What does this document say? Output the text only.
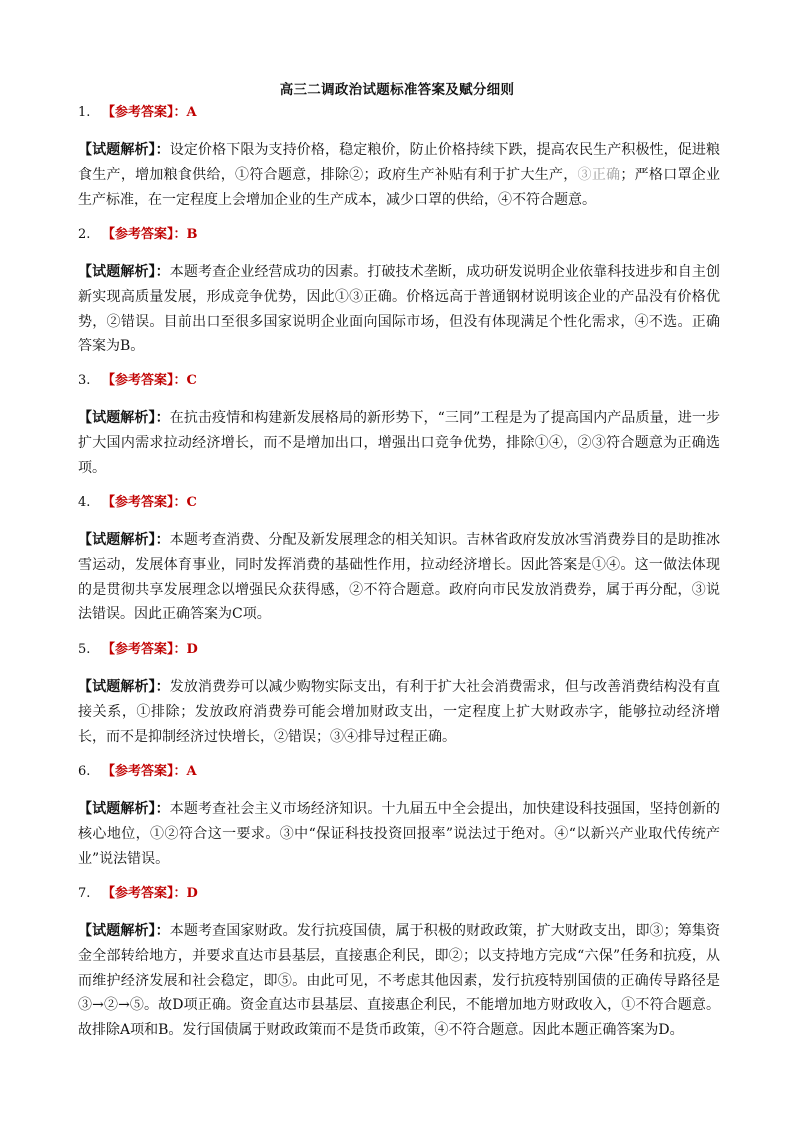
高三二调政治试题标准答案及赋分细则
1. 【参考答案】：A
【试题解析】：设定价格下限为支持价格，稳定粮价，防止价格持续下跌，提高农民生产积极性，促进粮食生产，增加粮食供给，①符合题意，排除②；政府生产补贴有利于扩大生产，③正确；严格口罩企业生产标准，在一定程度上会增加企业的生产成本，减少口罩的供给，④不符合题意。
2. 【参考答案】：B
【试题解析】：本题考查企业经营成功的因素。打破技术垄断，成功研发说明企业依靠科技进步和自主创新实现高质量发展，形成竞争优势，因此①③正确。价格远高于普通钢材说明该企业的产品没有价格优势，②错误。目前出口至很多国家说明企业面向国际市场，但没有体现满足个性化需求，④不选。正确答案为B。
3. 【参考答案】：C
【试题解析】：在抗击疫情和构建新发展格局的新形势下，“三同”工程是为了提高国内产品质量，进一步扩大国内需求拉动经济增长，而不是增加出口，增强出口竞争优势，排除①④，②③符合题意为正确选项。
4. 【参考答案】：C
【试题解析】：本题考查消费、分配及新发展理念的相关知识。吉林省政府发放冰雪消费券目的是助推冰雪运动，发展体育事业，同时发挥消费的基础性作用，拉动经济增长。因此答案是①④。这一做法体现的是贯彻共享发展理念以增强民众获得感，②不符合题意。政府向市民发放消费券，属于再分配，③说法错误。因此正确答案为C项。
5. 【参考答案】：D
【试题解析】：发放消费券可以减少购物实际支出，有利于扩大社会消费需求，但与改善消费结构没有直接关系，①排除；发放政府消费券可能会增加财政支出，一定程度上扩大财政赤字，能够拉动经济增长，而不是抑制经济过快增长，②错误；③④排导过程正确。
6. 【参考答案】：A
【试题解析】：本题考查社会主义市场经济知识。十九届五中全会提出，加快建设科技强国，坚持创新的核心地位，①②符合这一要求。③中“保证科技投资回报率”说法过于绝对。④“以新兴产业取代传统产业”说法错误。
7. 【参考答案】：D
【试题解析】：本题考查国家财政。发行抗疫国债，属于积极的财政政策，扩大财政支出，即③；筹集资金全部转给地方，并要求直达市县基层，直接惠企利民，即②；以支持地方完成“六保”任务和抗疫，从而维护经济发展和社会稳定，即⑤。由此可见，不考虑其他因素，发行抗疫特别国债的正确传导路径是③→②→⑤。故D项正确。资金直达市县基层、直接惠企利民，不能增加地方财政收入，①不符合题意。故排除A项和B。发行国债属于财政政策而不是货币政策，④不符合题意。因此本题正确答案为D。
